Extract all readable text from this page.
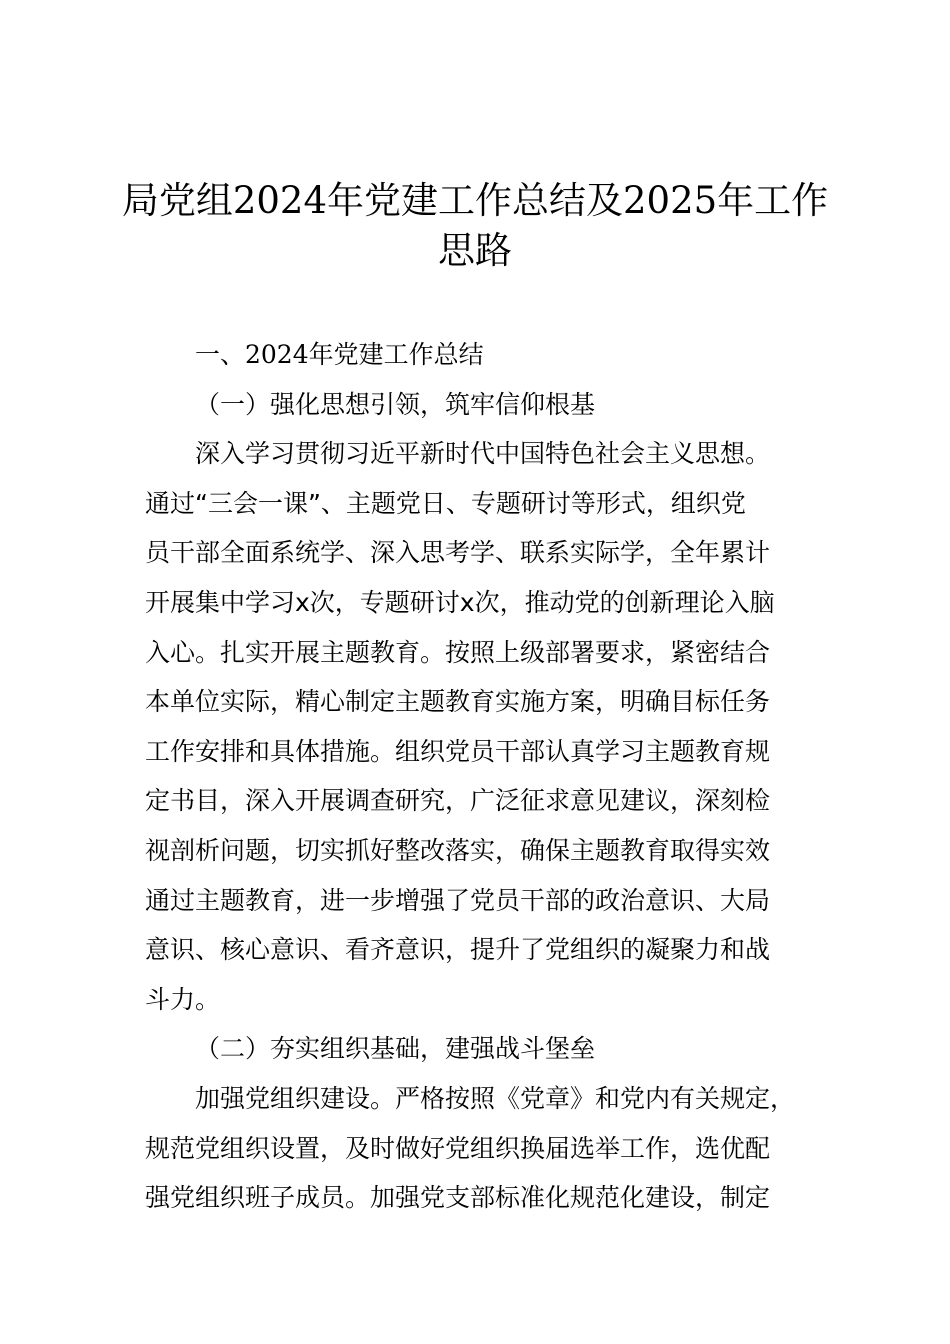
局党组2024年党建工作总结及2025年工作
思路
一、2024年党建工作总结
（一）强化思想引领，筑牢信仰根基
深入学习贯彻习近平新时代中国特色社会主义思想。
通过“三会一课”、主题党日、专题研讨等形式，组织党
员干部全面系统学、深入思考学、联系实际学，全年累计
开展集中学习x次，专题研讨x次，推动党的创新理论入脑
入心。扎实开展主题教育。按照上级部署要求，紧密结合
本单位实际，精心制定主题教育实施方案，明确目标任务
工作安排和具体措施。组织党员干部认真学习主题教育规
定书目，深入开展调查研究，广泛征求意见建议，深刻检
视剖析问题，切实抓好整改落实，确保主题教育取得实效
通过主题教育，进一步增强了党员干部的政治意识、大局
意识、核心意识、看齐意识，提升了党组织的凝聚力和战
斗力。
（二）夯实组织基础，建强战斗堡垒
加强党组织建设。严格按照《党章》和党内有关规定，
规范党组织设置，及时做好党组织换届选举工作，选优配
强党组织班子成员。加强党支部标准化规范化建设，制定
